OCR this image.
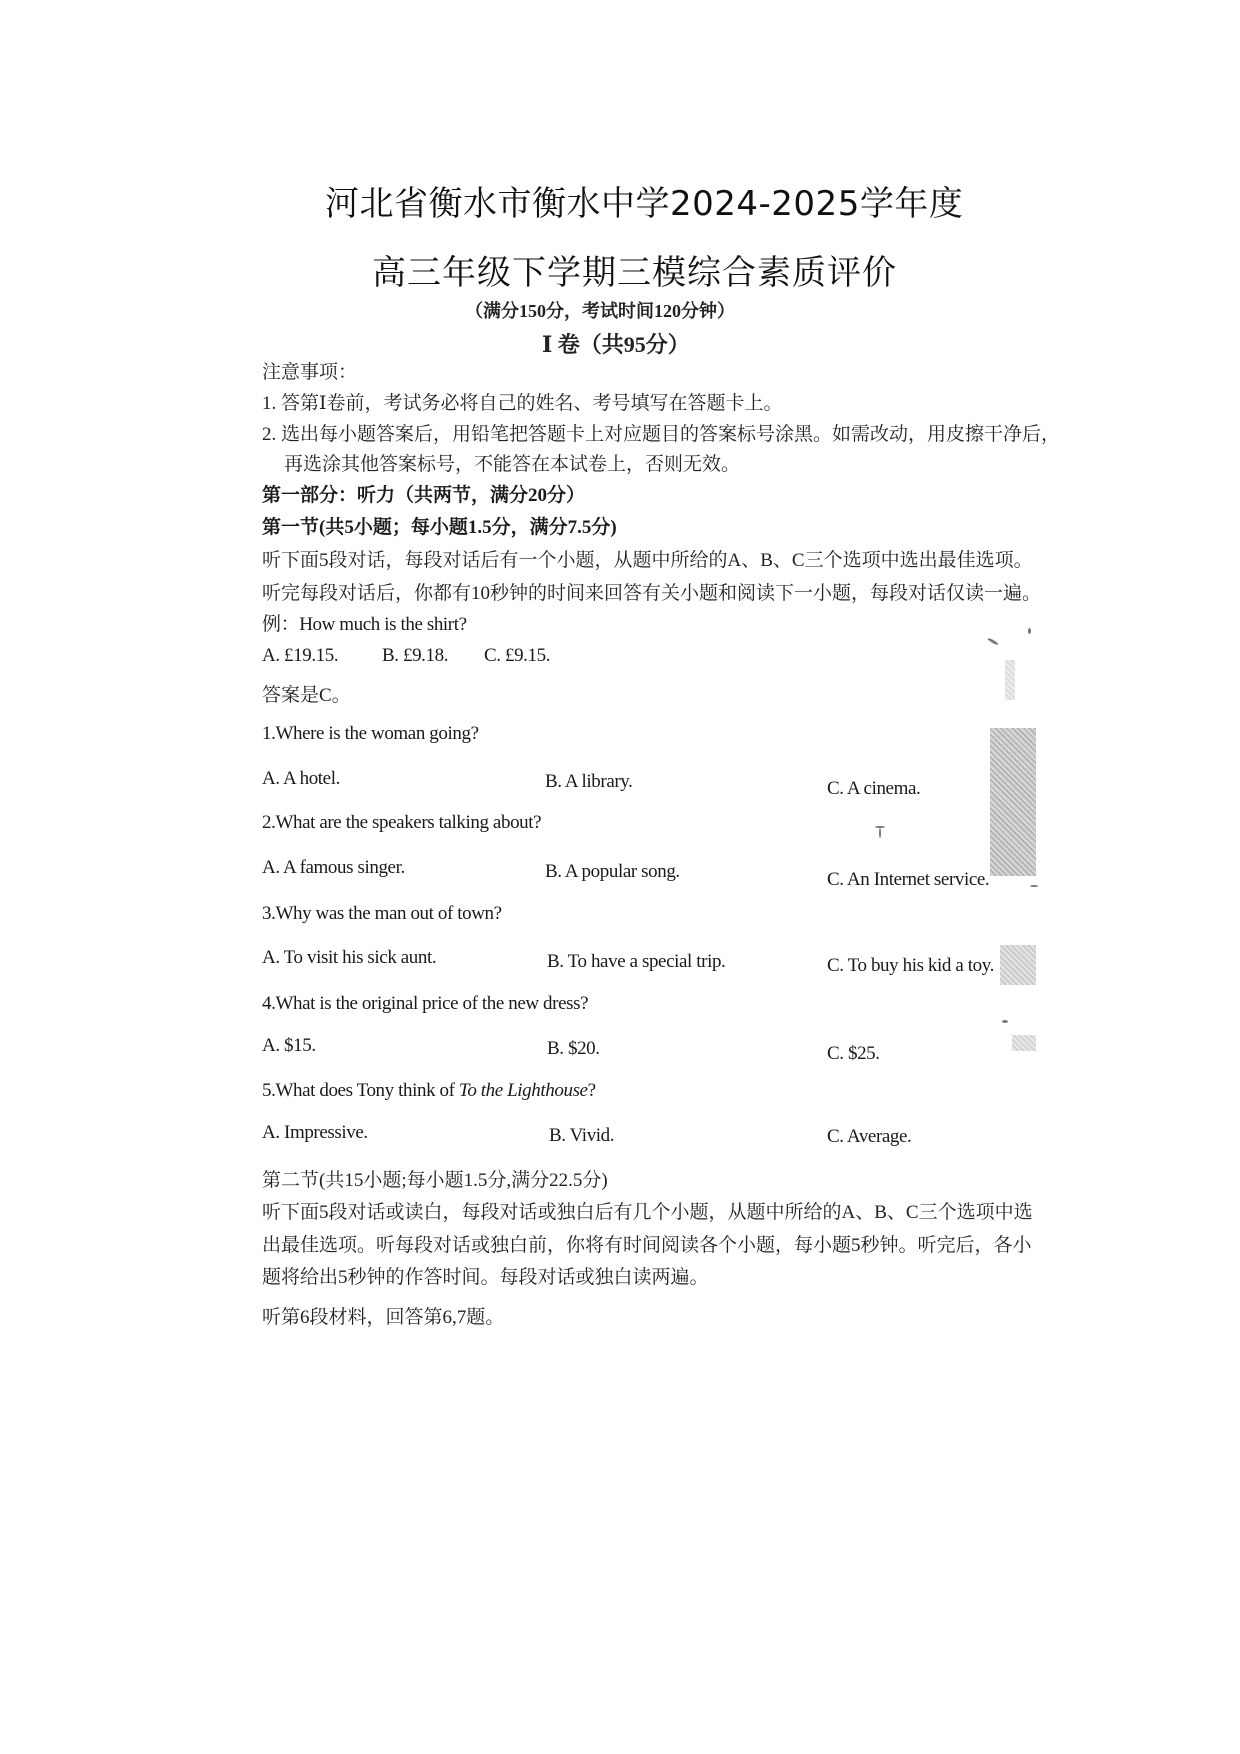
河北省衡水市衡水中学2024-2025学年度
高三年级下学期三模综合素质评价
（满分150分，考试时间120分钟）
Ⅰ 卷（共95分）
注意事项：
1. 答第Ⅰ卷前，考试务必将自己的姓名、考号填写在答题卡上。
2. 选出每小题答案后，用铅笔把答题卡上对应题目的答案标号涂黑。如需改动，用皮擦干净后，
再选涂其他答案标号，不能答在本试卷上，否则无效。
第一部分：听力（共两节，满分20分）
第一节(共5小题；每小题1.5分，满分7.5分)
听下面5段对话，每段对话后有一个小题，从题中所给的A、B、C三个选项中选出最佳选项。
听完每段对话后，你都有10秒钟的时间来回答有关小题和阅读下一小题，每段对话仅读一遍。
例：How much is the shirt?
A. £19.15. B. £9.18. C. £9.15.
答案是C。
1.Where is the woman going?
A. A hotel.	B. A library.	C. A cinema.
2.What are the speakers talking about?
A. A famous singer.	B. A popular song.	C. An Internet service.
3.Why was the man out of town?
A. To visit his sick aunt.	B. To have a special trip.	C. To buy his kid a toy.
4.What is the original price of the new dress?
A. $15.	B. $20.	C. $25.
5.What does Tony think of To the Lighthouse?
A. Impressive.	B. Vivid.	C. Average.
第二节(共15小题;每小题1.5分,满分22.5分)
听下面5段对话或读白，每段对话或独白后有几个小题，从题中所给的A、B、C三个选项中选
出最佳选项。听每段对话或独白前，你将有时间阅读各个小题，每小题5秒钟。听完后，各小
题将给出5秒钟的作答时间。每段对话或独白读两遍。
听第6段材料，回答第6,7题。
